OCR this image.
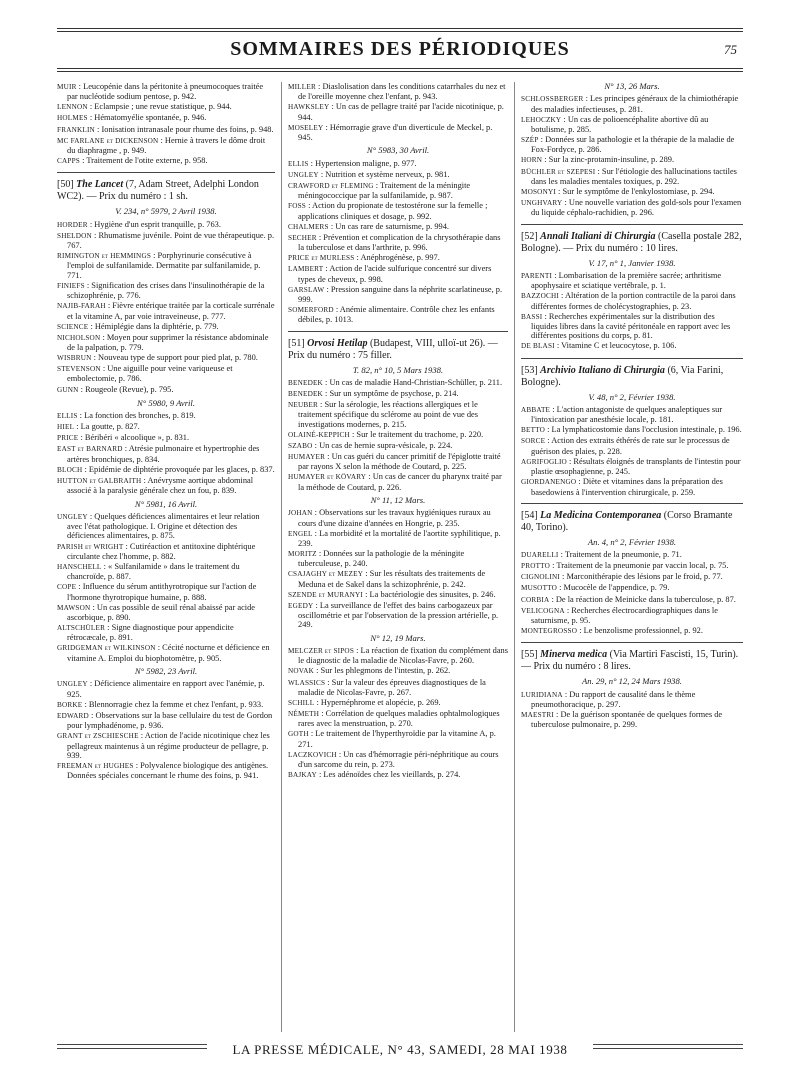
SOMMAIRES DES PÉRIODIQUES	75
MUIR : Leucopénie dans la péritonite à pneumocoques traitée par nucléotide sodium pentose, p. 942.
LENNON : Eclampsie ; une revue statistique, p. 944.
HOLMES : Hématomyélie spontanée, p. 946.
FRANKLIN : Ionisation intranasale pour rhume des foins, p. 948.
MC FARLANE et DICKENSON : Hernie à travers le dôme droit du diaphragme , p. 949.
CAPPS : Traitement de l'otite externe, p. 958.
[50] The Lancet (7, Adam Street, Adelphi London WC2). — Prix du numéro : 1 sh.
V. 234, n° 5979, 2 Avril 1938.
HORDER : Hygiène d'un esprit tranquille, p. 763.
SHELDON : Rhumatisme juvénile. Point de vue thérapeutique. p. 767.
RIMINGTON et HEMMINGS : Porphyrinurie consécutive à l'emploi de sulfanilamide. Dermatite par sulfanilamide, p. 771.
FINIEFS : Signification des crises dans l'insulinothérapie de la schizophrénie, p. 776.
NAJIB-FARAH : Fièvre entérique traitée par la corticale surrénale et la vitamine A, par voie intraveineuse, p. 777.
SCIENCE : Hémiplégie dans la diphtérie, p. 779.
NICHOLSON : Moyen pour supprimer la résistance abdominale de la palpation, p. 779.
WISBRUN : Nouveau type de support pour pied plat, p. 780.
STEVENSON : Une aiguille pour veine variqueuse et embolectomie, p. 786.
GUNN : Rougeole (Revue), p. 795.
N° 5980, 9 Avril.
ELLIS : La fonction des bronches, p. 819.
HIEL : La goutte, p. 827.
PRICE : Béribéri « alcoolique », p. 831.
EAST et BARNARD : Atrésie pulmonaire et hypertrophie des artères bronchiques, p. 834.
BLOCH : Epidémie de diphtérie provoquée par les glaces, p. 837.
HUTTON et GALBRAITH : Anévrysme aortique abdominal associé à la paralysie générale chez un fou, p. 839.
N° 5981, 16 Avril.
UNGLEY : Quelques déficiences alimentaires et leur relation avec l'état pathologique. I. Origine et détection des déficiences alimentaires, p. 875.
PARISH et WRIGHT : Cutiréaction et antitoxine diphtérique circulante chez l'homme, p. 882.
HANSCHELL : « Sulfanilamide » dans le traitement du chancroïde, p. 887.
COPE : Influence du sérum antithyrotropique sur l'action de l'hormone thyrotropique humaine, p. 888.
MAWSON : Un cas possible de seuil rénal abaissé par acide ascorbique, p. 890.
ALTSCHÜLER : Signe diagnostique pour appendicite rétrocæcale, p. 891.
GRIDGEMAN et WILKINSON : Cécité nocturne et déficience en vitamine A. Emploi du biophotomètre, p. 905.
N° 5982, 23 Avril.
UNGLEY : Déficience alimentaire en rapport avec l'anémie, p. 925.
BORKE : Blennorragie chez la femme et chez l'enfant, p. 933.
EDWARD : Observations sur la base cellulaire du test de Gordon pour lymphadénome, p. 936.
GRANT et ZSCHIESCHE : Action de l'acide nicotinique chez les pellagreux maintenus à un régime producteur de pellagre, p. 939.
FREEMAN et HUGHES : Polyvalence biologique des antigènes. Données spéciales concernant le rhume des foins, p. 941.
MILLER : Diaslolisation dans les conditions catarrhales du nez et de l'oreille moyenne chez l'enfant, p. 943.
HAWKSLEY : Un cas de pellagre traité par l'acide nicotinique, p. 944.
MOSELEY : Hémorragie grave d'un diverticule de Meckel, p. 945.
N° 5983, 30 Avril.
ELLIS : Hypertension maligne, p. 977.
UNGLEY : Nutrition et système nerveux, p. 981.
CRAWFORD et FLEMING : Traitement de la méningite méningococcique par la sulfanilamide, p. 987.
FOSS : Action du propionate de testostérone sur la femelle ; applications cliniques et dosage, p. 992.
CHALMERS : Un cas rare de saturnisme, p. 994.
SECHER : Prévention et complication de la chrysothérapie dans la tuberculose et dans l'arthrite, p. 996.
PRICE et MURLESS : Anéphrogénèse, p. 997.
LAMBERT : Action de l'acide sulfurique concentré sur divers types de cheveux, p. 998.
GARSLAW : Pression sanguine dans la néphrite scarlatineuse, p. 999.
SOMERFORD : Anémie alimentaire. Contrôle chez les enfants débiles, p. 1013.
[51] Orvosi Hetilap (Budapest, VIII, ulloï-ut 26). — Prix du numéro : 75 filler.
T. 82, n° 10, 5 Mars 1938.
BENEDEK : Un cas de maladie Hand-Christian-Schüller, p. 211.
BENEDEK : Sur un symptôme de psychose, p. 214.
NEUBER : Sur la sérologie, les réactions allergiques et le traitement spécifique du sclérome au point de vue des investigations modernes, p. 215.
OLAINÉ-KEPPICH : Sur le traitement du trachome, p. 220.
SZABO : Un cas de hernie supra-vésicale, p. 224.
HUMAYER : Un cas guéri du cancer primitif de l'épiglotte traité par rayons X selon la méthode de Coutard, p. 225.
HUMAYER et KÖVARY : Un cas de cancer du pharynx traité par la méthode de Coutard, p. 226.
N° 11, 12 Mars.
JOHAN : Observations sur les travaux hygiéniques ruraux au cours d'une dizaine d'années en Hongrie, p. 235.
ENGEL : La morbidité et la mortalité de l'aortite syphilitique, p. 239.
MORITZ : Données sur la pathologie de la méningite tuberculeuse, p. 240.
CSAJAGHY et MEZEY : Sur les résultats des traitements de Meduna et de Sakel dans la schizophrénie, p. 242.
SZENDE et MURANYI : La bactériologie des sinusites, p. 246.
EGEDY : La surveillance de l'effet des bains carbogazeux par oscillométrie et par l'observation de la pression artérielle, p. 249.
N° 12, 19 Mars.
MELCZER et SIPOS : La réaction de fixation du complément dans le diagnostic de la maladie de Nicolas-Favre, p. 260.
NOVAK : Sur les phlegmons de l'intestin, p. 262.
WLASSICS : Sur la valeur des épreuves diagnostiques de la maladie de Nicolas-Favre, p. 267.
SCHILL : Hypernéphrome et alopécie, p. 269.
NÉMETH : Corrélation de quelques maladies ophtalmologiques rares avec la menstruation, p. 270.
GOTH : Le traitement de l'hyperthyroïdie par la vitamine A, p. 271.
LACZKOVICH : Un cas d'hémorragie péri-néphritique au cours d'un sarcome du rein, p. 273.
BAJKAY : Les adénoïdes chez les vieillards, p. 274.
N° 13, 26 Mars.
SCHLOSSBERGER : Les principes généraux de la chimiothérapie des maladies infectieuses, p. 281.
LEHOCZKY : Un cas de polioencéphalite abortive dû au botulisme, p. 285.
SZÉP : Données sur la pathologie et la thérapie de la maladie de Fox-Fordyce, p. 286.
HORN : Sur la zinc-protamin-insuline, p. 289.
BÜCHLER et SZEPESI : Sur l'étiologie des hallucinations tactiles dans les maladies mentales toxiques, p. 292.
MOSONYI : Sur le symptôme de l'enkylostomiase, p. 294.
UNGHVARY : Une nouvelle variation des gold-sols pour l'examen du liquide céphalo-rachidien, p. 296.
[52] Annali Italiani di Chirurgia (Casella postale 282, Bologne). — Prix du numéro : 10 lires.
V. 17, n° 1, Janvier 1938.
PARENTI : Lombarisation de la première sacrée; arthritisme apophysaire et sciatique vertébrale, p. 1.
BAZZOCHI : Altération de la portion contractile de la paroi dans différentes formes de cholécystographies, p. 23.
BASSI : Recherches expérimentales sur la distribution des liquides libres dans la cavité péritonéale en rapport avec les différentes positions du corps, p. 81.
DE BLASI : Vitamine C et leucocytose, p. 106.
[53] Archivio Italiano di Chirurgia (6, Via Farini, Bologne).
V. 48, n° 2, Février 1938.
ABBATE : L'action antagoniste de quelques analeptiques sur l'intoxication par anesthésie locale, p. 181.
BETTO : La lymphaticostomie dans l'occlusion intestinale, p. 196.
SORCE : Action des extraits éthérés de rate sur le processus de guérison des plaies, p. 228.
AGRIFOGLIO : Résultats éloignés de transplants de l'intestin pour plastie œsophagienne, p. 245.
GIORDANENGO : Diète et vitamines dans la préparation des basedowiens à l'intervention chirurgicale, p. 259.
[54] La Medicina Contemporanea (Corso Bramante 40, Torino).
An. 4, n° 2, Février 1938.
DUARELLI : Traitement de la pneumonie, p. 71.
PROTTO : Traitement de la pneumonie par vaccin local, p. 75.
CIGNOLINI : Marconithérapie des lésions par le froid, p. 77.
MUSOTTO : Mucocèle de l'appendice, p. 79.
CORBIA : De la réaction de Meinicke dans la tuberculose, p. 87.
VELICOGNA : Recherches électrocardiographiques dans le saturnisme, p. 95.
MONTEGROSSO : Le benzolisme professionnel, p. 92.
[55] Minerva medica (Via Martiri Fascisti, 15, Turin). — Prix du numéro : 8 lires.
An. 29, n° 12, 24 Mars 1938.
LURIDIANA : Du rapport de causalité dans le thème pneumothoracique, p. 297.
MAESTRI : De la guérison spontanée de quelques formes de tuberculose pulmonaire, p. 299.
LA PRESSE MÉDICALE, N° 43, SAMEDI, 28 MAI 1938
